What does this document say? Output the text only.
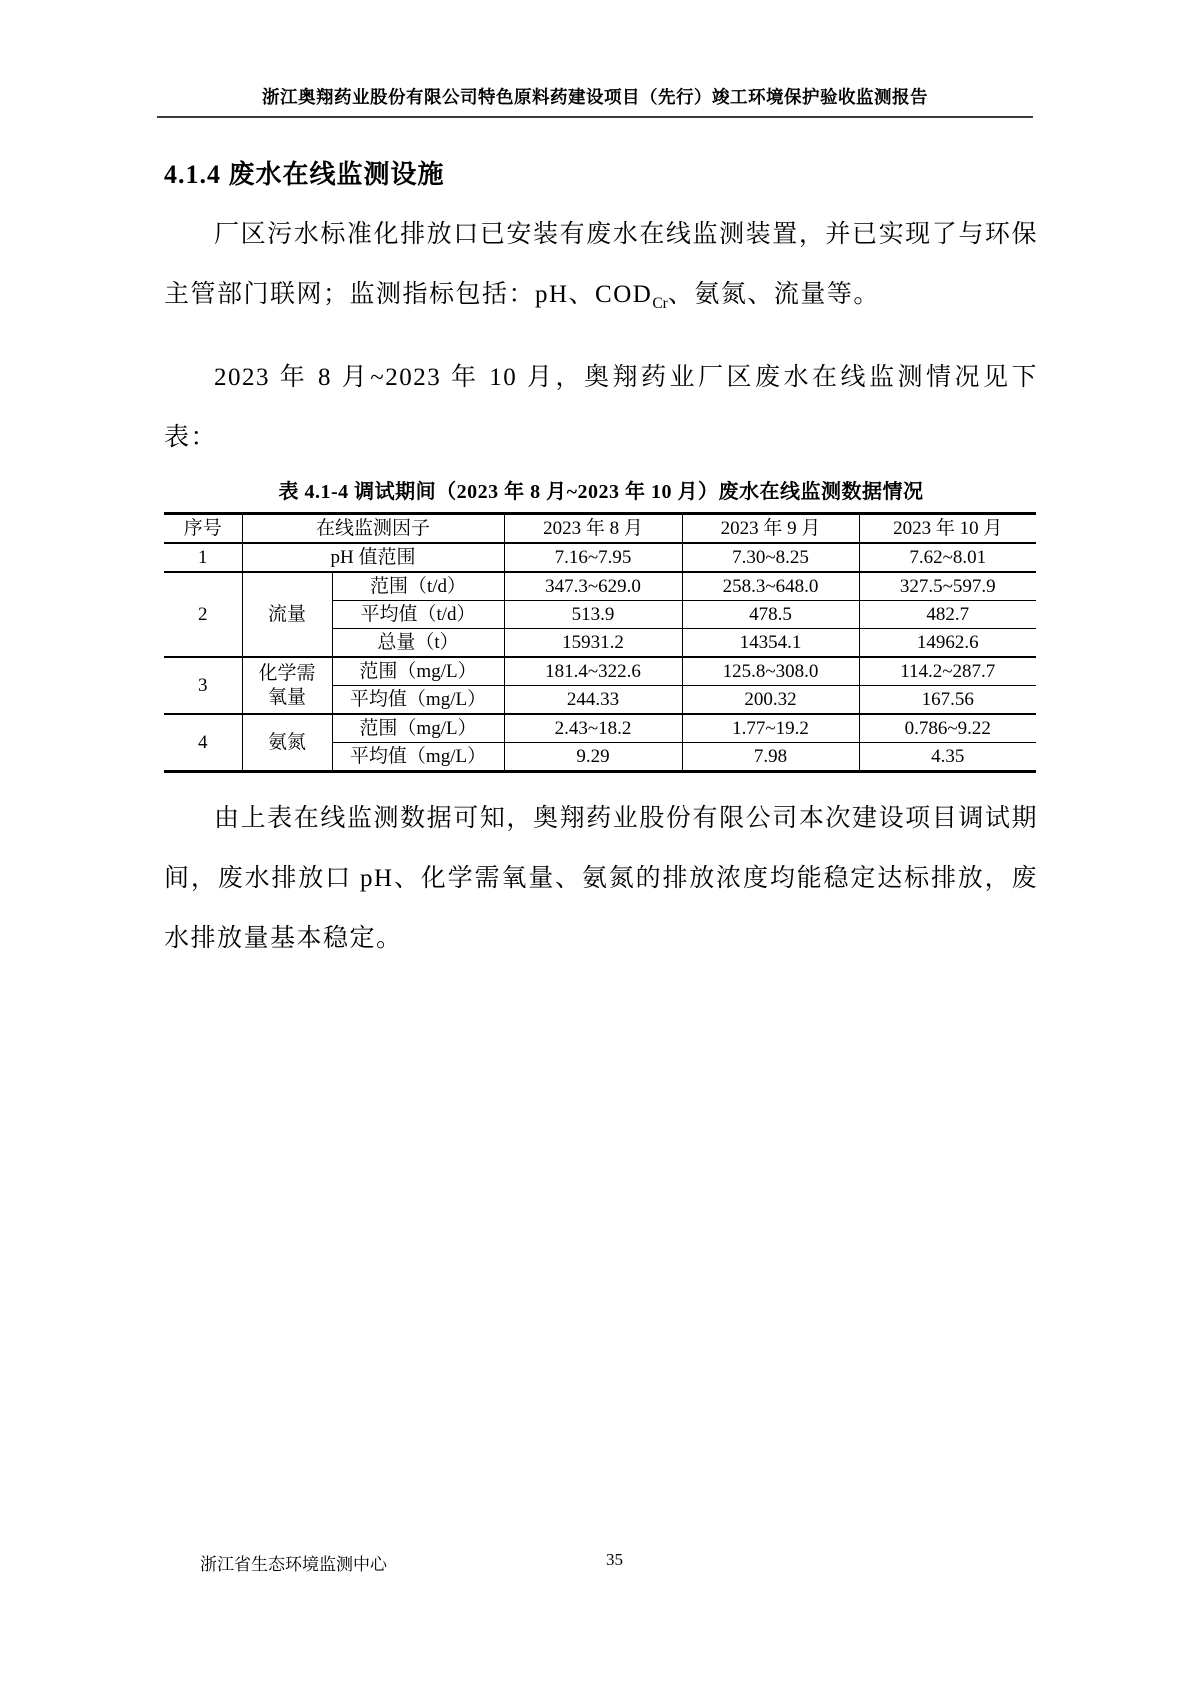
浙江奥翔药业股份有限公司特色原料药建设项目（先行）竣工环境保护验收监测报告
4.1.4 废水在线监测设施

厂区污水标准化排放口已安装有废水在线监测装置，并已实现了与环保主管部门联网；监测指标包括：pH、$COD_{Cr}$、氨氮、流量等。

2023 年 8 月~2023 年 10 月，奥翔药业厂区废水在线监测情况见下表：

表 4.1-4 调试期间（2023 年 8 月~2023 年 10 月）废水在线监测数据情况
序号	在线监测因子		2023 年 8 月	2023 年 9 月	2023 年 10 月
1	pH 值范围		7.16~7.95	7.30~8.25	7.62~8.01
2	流量	范围（t/d）	347.3~629.0	258.3~648.0	327.5~597.9
		平均值（t/d）	513.9	478.5	482.7
		总量（t）	15931.2	14354.1	14962.6
3	化学需氧量	范围（mg/L）	181.4~322.6	125.8~308.0	114.2~287.7
		平均值（mg/L）	244.33	200.32	167.56
4	氨氮	范围（mg/L）	2.43~18.2	1.77~19.2	0.786~9.22
		平均值（mg/L）	9.29	7.98	4.35

由上表在线监测数据可知，奥翔药业股份有限公司本次建设项目调试期间，废水排放口 pH、化学需氧量、氨氮的排放浓度均能稳定达标排放，废水排放量基本稳定。

浙江省生态环境监测中心	35
